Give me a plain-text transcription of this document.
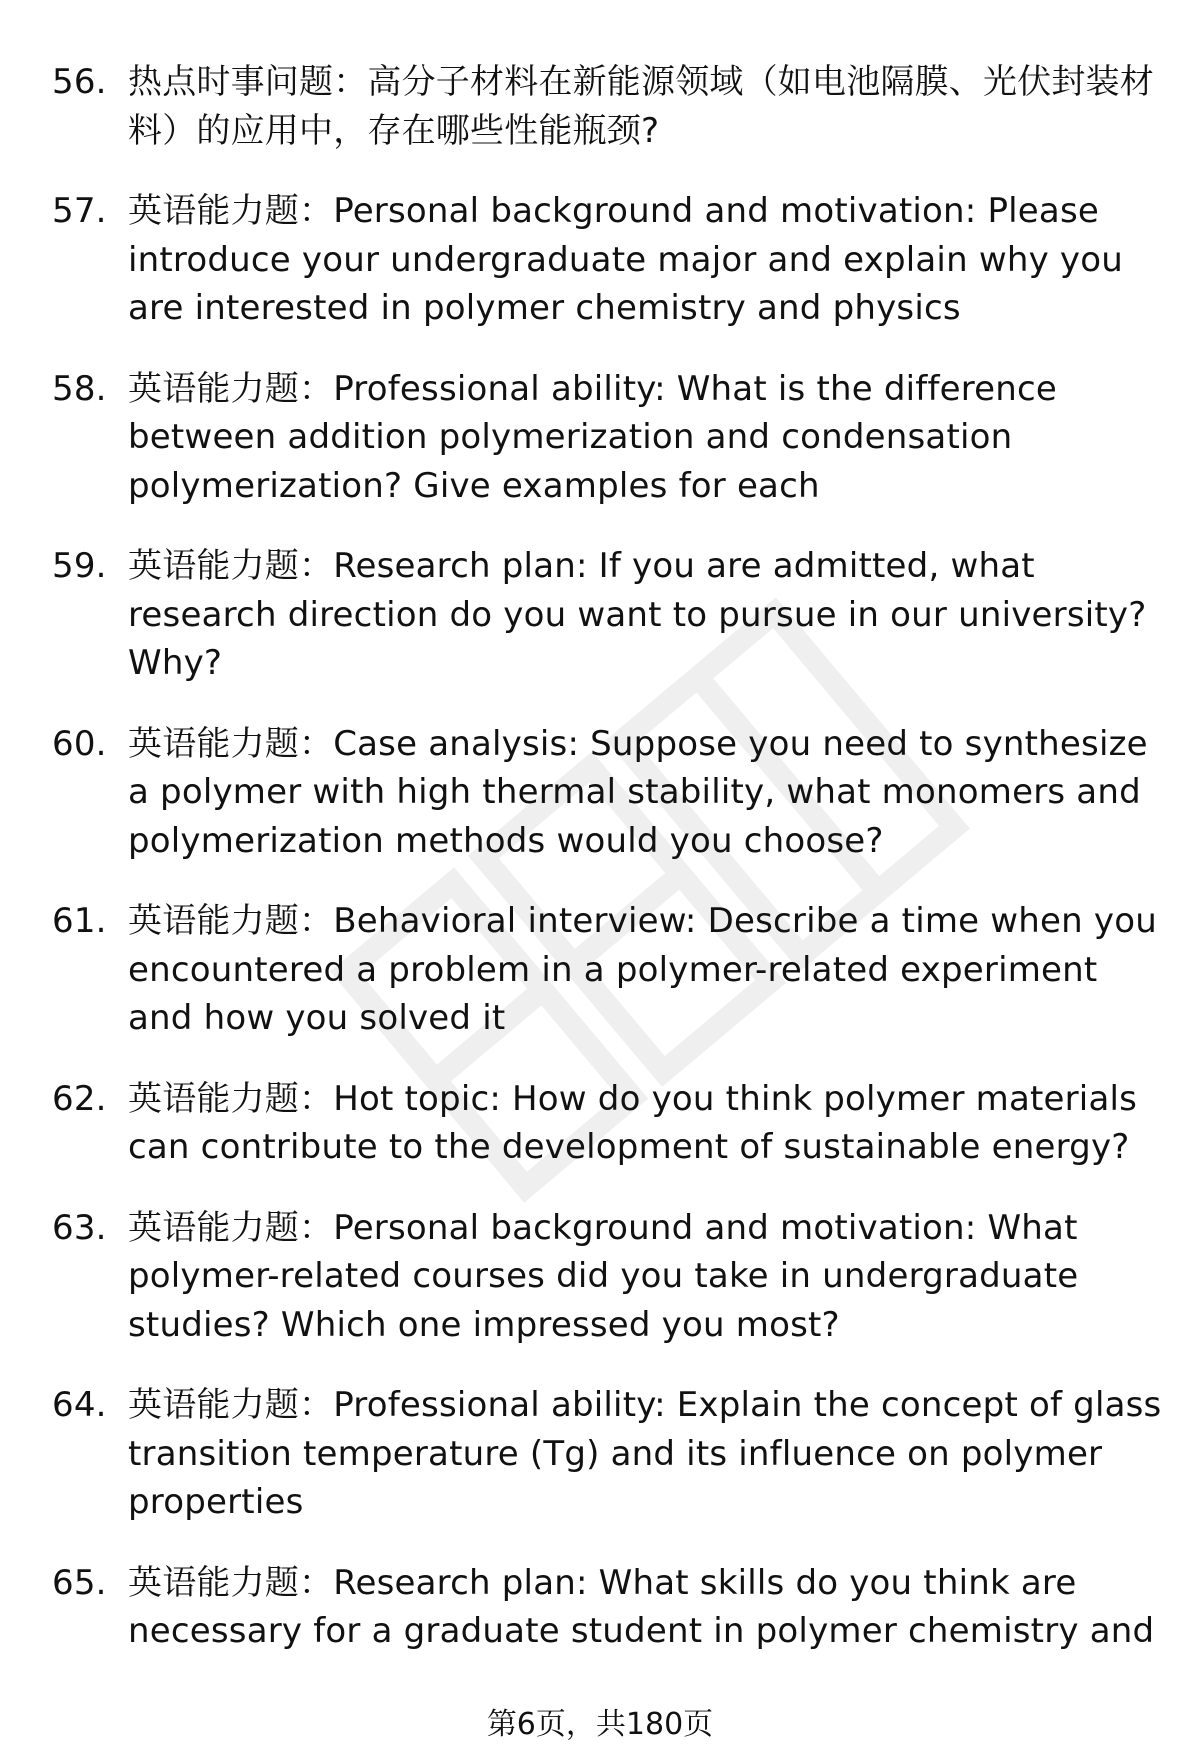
56. 热点时事问题：高分子材料在新能源领域（如电池隔膜、光伏封装材料）的应用中，存在哪些性能瓶颈?
57. 英语能力题：Personal background and motivation: Please introduce your undergraduate major and explain why you are interested in polymer chemistry and physics
58. 英语能力题：Professional ability: What is the difference between addition polymerization and condensation polymerization? Give examples for each
59. 英语能力题：Research plan: If you are admitted, what research direction do you want to pursue in our university? Why?
60. 英语能力题：Case analysis: Suppose you need to synthesize a polymer with high thermal stability, what monomers and polymerization methods would you choose?
61. 英语能力题：Behavioral interview: Describe a time when you encountered a problem in a polymer-related experiment and how you solved it
62. 英语能力题：Hot topic: How do you think polymer materials can contribute to the development of sustainable energy?
63. 英语能力题：Personal background and motivation: What polymer-related courses did you take in undergraduate studies? Which one impressed you most?
64. 英语能力题：Professional ability: Explain the concept of glass transition temperature (Tg) and its influence on polymer properties
65. 英语能力题：Research plan: What skills do you think are necessary for a graduate student in polymer chemistry and
第6页，共180页
